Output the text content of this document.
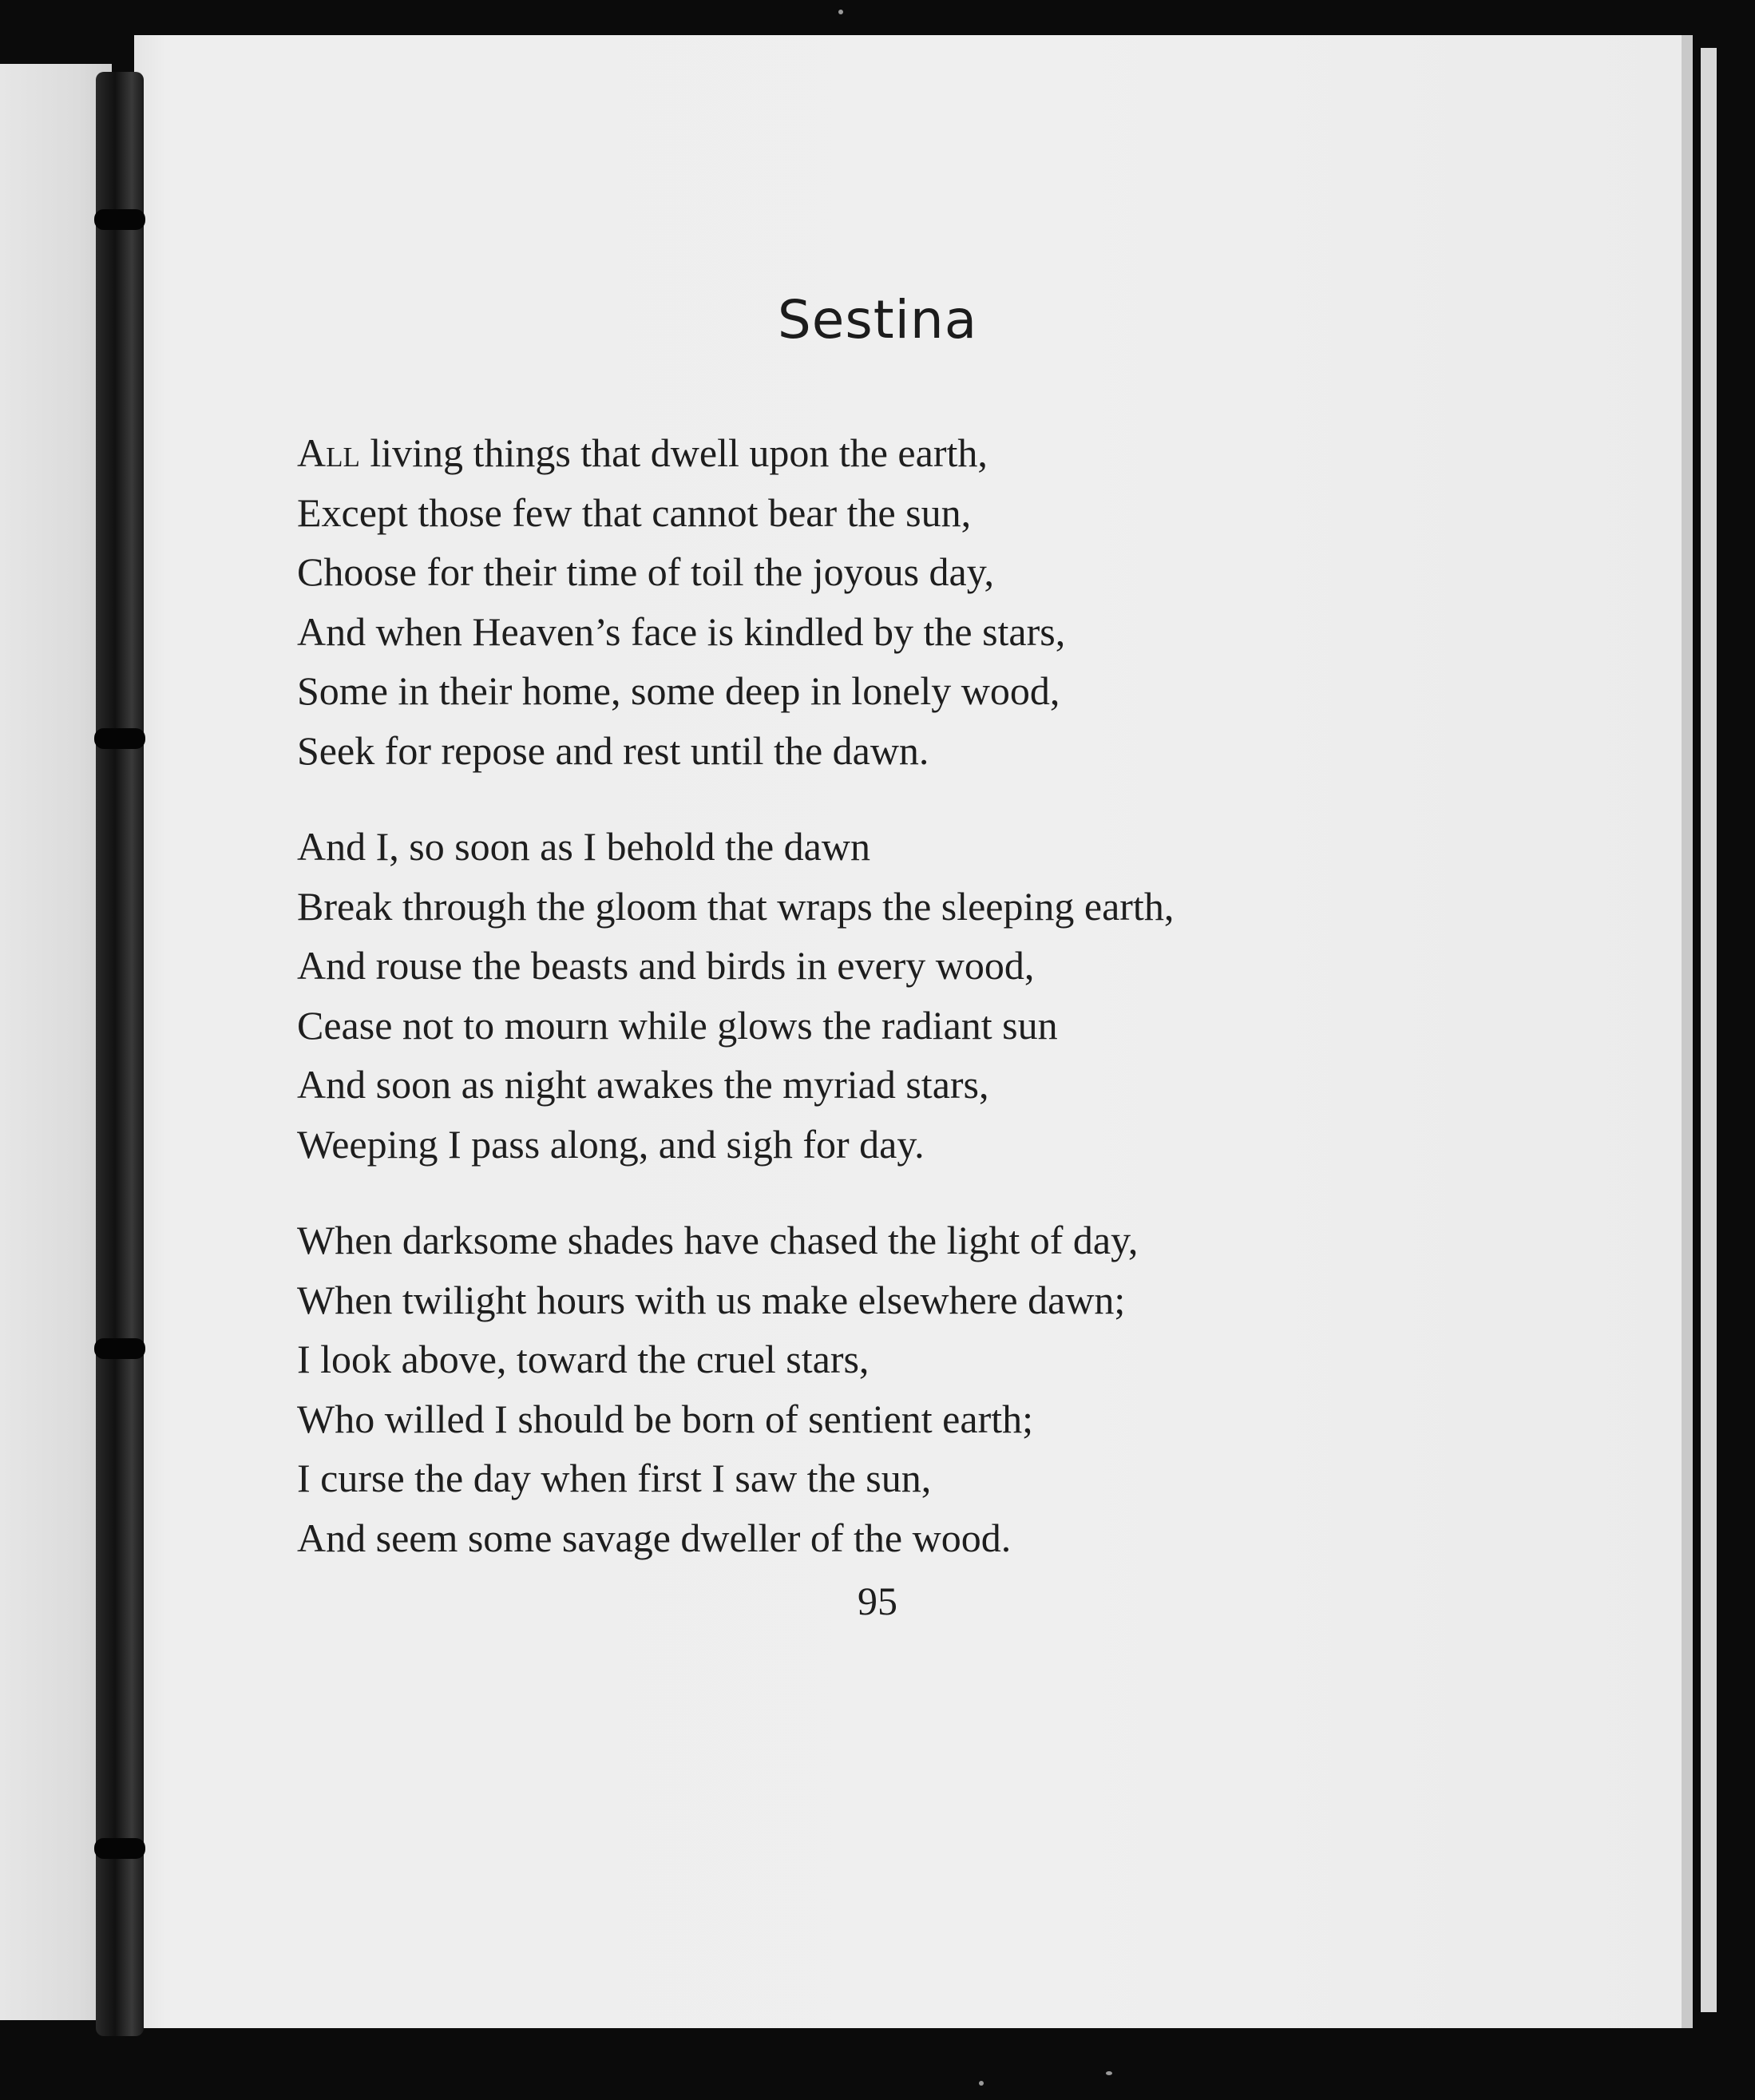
Sestina
All living things that dwell upon the earth,
Except those few that cannot bear the sun,
Choose for their time of toil the joyous day,
And when Heaven’s face is kindled by the stars,
Some in their home, some deep in lonely wood,
Seek for repose and rest until the dawn.
And I, so soon as I behold the dawn
Break through the gloom that wraps the sleeping earth,
And rouse the beasts and birds in every wood,
Cease not to mourn while glows the radiant sun
And soon as night awakes the myriad stars,
Weeping I pass along, and sigh for day.
When darksome shades have chased the light of day,
When twilight hours with us make elsewhere dawn;
I look above, toward the cruel stars,
Who willed I should be born of sentient earth;
I curse the day when first I saw the sun,
And seem some savage dweller of the wood.
95
